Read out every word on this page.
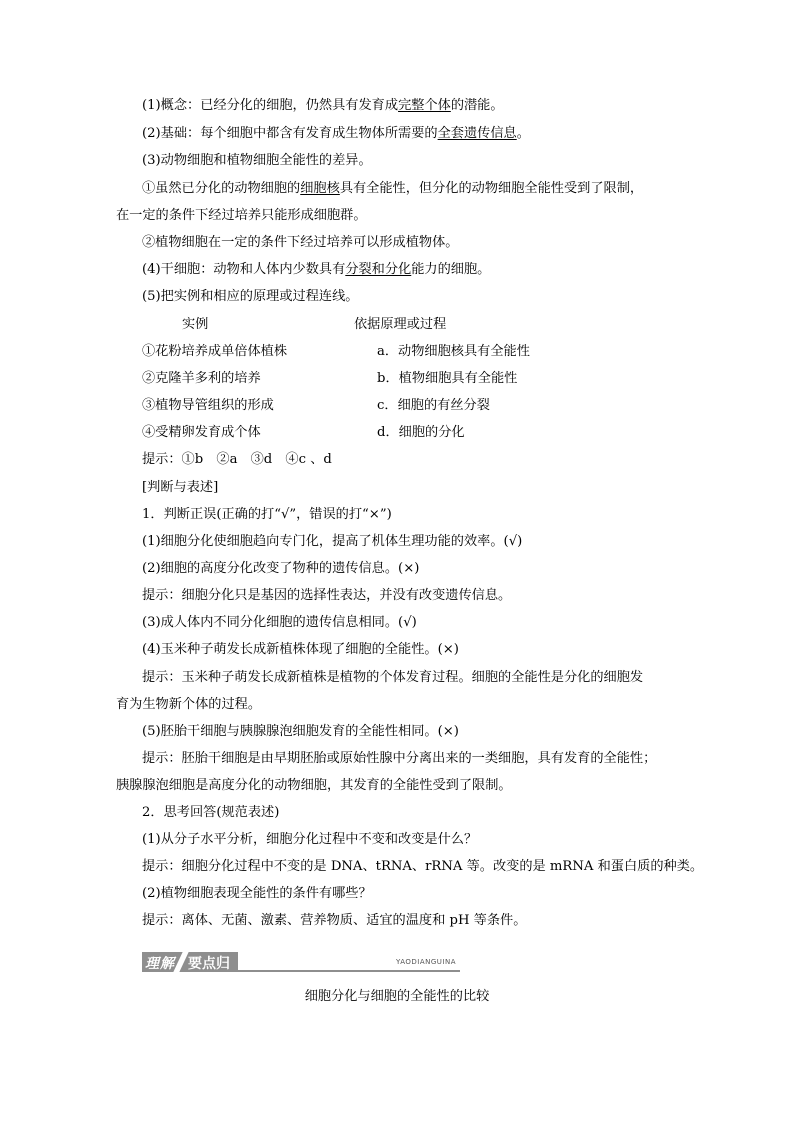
(1)概念：已经分化的细胞，仍然具有发育成完整个体的潜能。
(2)基础：每个细胞中都含有发育成生物体所需要的全套遗传信息。
(3)动物细胞和植物细胞全能性的差异。
①虽然已分化的动物细胞的细胞核具有全能性，但分化的动物细胞全能性受到了限制，
在一定的条件下经过培养只能形成细胞群。
②植物细胞在一定的条件下经过培养可以形成植物体。
(4)干细胞：动物和人体内少数具有分裂和分化能力的细胞。
(5)把实例和相应的原理或过程连线。
实例	依据原理或过程
①花粉培养成单倍体植株	a．动物细胞核具有全能性
②克隆羊多利的培养	b．植物细胞具有全能性
③植物导管组织的形成	c．细胞的有丝分裂
④受精卵发育成个体	d．细胞的分化
提示：①b　②a　③d　④c 、d
[判断与表述]
1．判断正误(正确的打“√”，错误的打“×”)
(1)细胞分化使细胞趋向专门化，提高了机体生理功能的效率。(√)
(2)细胞的高度分化改变了物种的遗传信息。(×)
提示：细胞分化只是基因的选择性表达，并没有改变遗传信息。
(3)成人体内不同分化细胞的遗传信息相同。(√)
(4)玉米种子萌发长成新植株体现了细胞的全能性。(×)
提示：玉米种子萌发长成新植株是植物的个体发育过程。细胞的全能性是分化的细胞发
育为生物新个体的过程。
(5)胚胎干细胞与胰腺腺泡细胞发育的全能性相同。(×)
提示：胚胎干细胞是由早期胚胎或原始性腺中分离出来的一类细胞，具有发育的全能性；
胰腺腺泡细胞是高度分化的动物细胞，其发育的全能性受到了限制。
2．思考回答(规范表述)
(1)从分子水平分析，细胞分化过程中不变和改变是什么？
提示：细胞分化过程中不变的是 DNA、tRNA、rRNA 等。改变的是 mRNA 和蛋白质的种类。
(2)植物细胞表现全能性的条件有哪些？
提示：离体、无菌、激素、营养物质、适宜的温度和 pH 等条件。
理解 要点归纳
YAODIANGUINA
细胞分化与细胞的全能性的比较
